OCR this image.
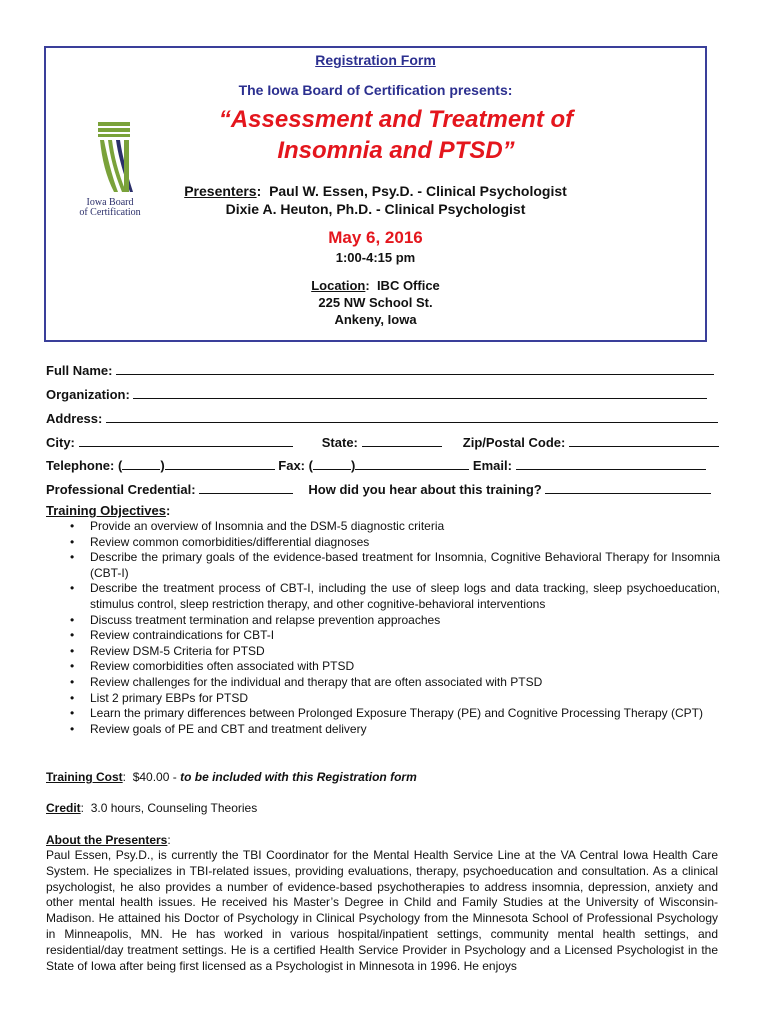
Registration Form
The Iowa Board of Certification presents:
Iowa Board
of Certification
“Assessment and Treatment of
Insomnia and PTSD”
Presenters:  Paul W. Essen, Psy.D. - Clinical Psychologist
Dixie A. Heuton, Ph.D. - Clinical Psychologist
May 6, 2016
1:00-4:15 pm
Location:  IBC Office
225 NW School St.
Ankeny, Iowa
Full Name:
Organization:
Address:
City:	State:	Zip/Postal Code:
Telephone: (	)	Fax: (	)	Email:
Professional Credential:	How did you hear about this training?
Training Objectives:
• Provide an overview of Insomnia and the DSM-5 diagnostic criteria
• Review common comorbidities/differential diagnoses
• Describe the primary goals of the evidence-based treatment for Insomnia, Cognitive Behavioral Therapy for Insomnia (CBT-I)
• Describe the treatment process of CBT-I, including the use of sleep logs and data tracking, sleep psychoeducation, stimulus control, sleep restriction therapy, and other cognitive-behavioral interventions
• Discuss treatment termination and relapse prevention approaches
• Review contraindications for CBT-I
• Review DSM-5 Criteria for PTSD
• Review comorbidities often associated with PTSD
• Review challenges for the individual and therapy that are often associated with PTSD
• List 2 primary EBPs for PTSD
• Learn the primary differences between Prolonged Exposure Therapy (PE) and Cognitive Processing Therapy (CPT)
• Review goals of PE and CBT and treatment delivery
Training Cost:  $40.00 - to be included with this Registration form
Credit:  3.0 hours, Counseling Theories
About the Presenters:
Paul Essen, Psy.D., is currently the TBI Coordinator for the Mental Health Service Line at the VA Central Iowa Health Care System. He specializes in TBI-related issues, providing evaluations, therapy, psychoeducation and consultation. As a clinical psychologist, he also provides a number of evidence-based psychotherapies to address insomnia, depression, anxiety and other mental health issues. He received his Master’s Degree in Child and Family Studies at the University of Wisconsin-Madison. He attained his Doctor of Psychology in Clinical Psychology from the Minnesota School of Professional Psychology in Minneapolis, MN. He has worked in various hospital/inpatient settings, community mental health settings, and residential/day treatment settings. He is a certified Health Service Provider in Psychology and a Licensed Psychologist in the State of Iowa after being first licensed as a Psychologist in Minnesota in 1996. He enjoys
